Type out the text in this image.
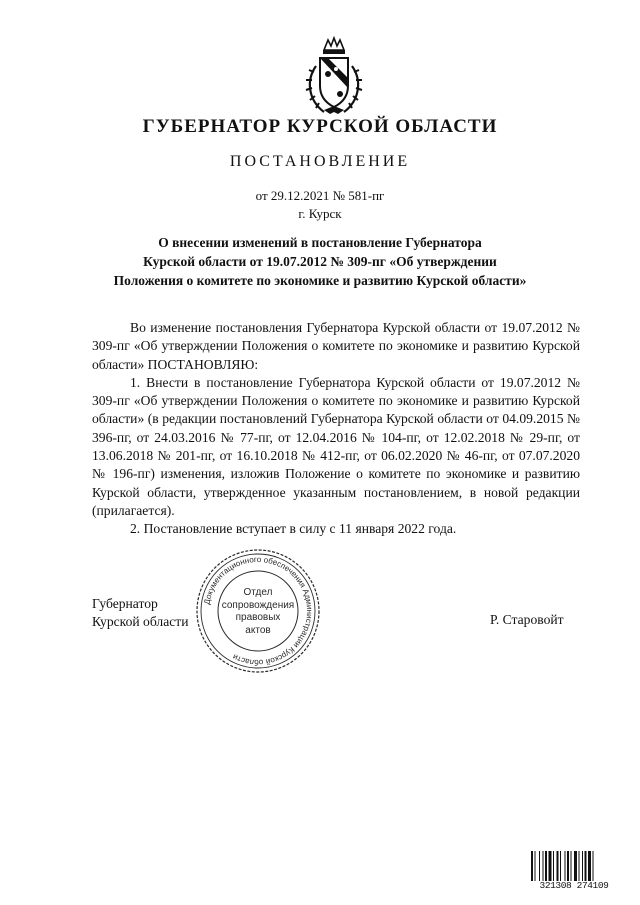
ГУБЕРНАТОР КУРСКОЙ ОБЛАСТИ
ПОСТАНОВЛЕНИЕ
от 29.12.2021 № 581-пг
г. Курск
О внесении изменений в постановление Губернатора
Курской области от 19.07.2012 № 309-пг «Об утверждении
Положения о комитете по экономике и развитию Курской области»

Во изменение постановления Губернатора Курской области от 19.07.2012 № 309-пг «Об утверждении Положения о комитете по экономике и развитию Курской области» ПОСТАНОВЛЯЮ:

1. Внести в постановление Губернатора Курской области от 19.07.2012 № 309-пг «Об утверждении Положения о комитете по экономике и развитию Курской области» (в редакции постановлений Губернатора Курской области от 04.09.2015 № 396-пг, от 24.03.2016 № 77-пг, от 12.04.2016 № 104-пг, от 12.02.2018 № 29-пг, от 13.06.2018 № 201-пг, от 16.10.2018 № 412-пг, от 06.02.2020 № 46-пг, от 07.07.2020 № 196-пг) изменения, изложив Положение о комитете по экономике и развитию Курской области, утвержденное указанным постановлением, в новой редакции (прилагается).

2. Постановление вступает в силу с 11 января 2022 года.

Документационного обеспечения Администрации Курской области
Отдел
сопровождения
правовых
актов
Губернатор
Курской области	Р. Старовойт
321308 274109
